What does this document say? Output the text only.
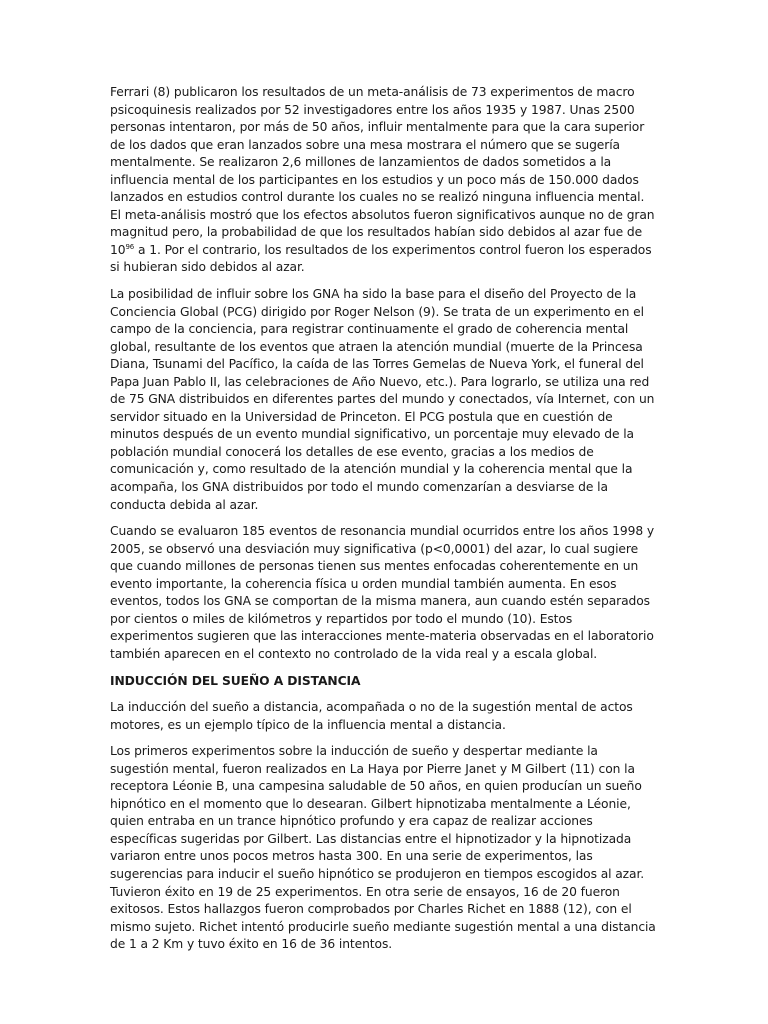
Ferrari (8) publicaron los resultados de un meta-análisis de 73 experimentos de macro psicoquinesis realizados por 52 investigadores entre los años 1935 y 1987. Unas 2500 personas intentaron, por más de 50 años, influir mentalmente para que la cara superior de los dados que eran lanzados sobre una mesa mostrara el número que se sugería mentalmente. Se realizaron 2,6 millones de lanzamientos de dados sometidos a la influencia mental de los participantes en los estudios y un poco más de 150.000 dados lanzados en estudios control durante los cuales no se realizó ninguna influencia mental. El meta-análisis mostró que los efectos absolutos fueron significativos aunque no de gran magnitud pero, la probabilidad de que los resultados habían sido debidos al azar fue de $10^{96}$ a 1. Por el contrario, los resultados de los experimentos control fueron los esperados si hubieran sido debidos al azar.

La posibilidad de influir sobre los GNA ha sido la base para el diseño del Proyecto de la Conciencia Global (PCG) dirigido por Roger Nelson (9). Se trata de un experimento en el campo de la conciencia, para registrar continuamente el grado de coherencia mental global, resultante de los eventos que atraen la atención mundial (muerte de la Princesa Diana, Tsunami del Pacífico, la caída de las Torres Gemelas de Nueva York, el funeral del Papa Juan Pablo II, las celebraciones de Año Nuevo, etc.). Para lograrlo, se utiliza una red de 75 GNA distribuidos en diferentes partes del mundo y conectados, vía Internet, con un servidor situado en la Universidad de Princeton. El PCG postula que en cuestión de minutos después de un evento mundial significativo, un porcentaje muy elevado de la población mundial conocerá los detalles de ese evento, gracias a los medios de comunicación y, como resultado de la atención mundial y la coherencia mental que la acompaña, los GNA distribuidos por todo el mundo comenzarían a desviarse de la conducta debida al azar.

Cuando se evaluaron 185 eventos de resonancia mundial ocurridos entre los años 1998 y 2005, se observó una desviación muy significativa (p<0,0001) del azar, lo cual sugiere que cuando millones de personas tienen sus mentes enfocadas coherentemente en un evento importante, la coherencia física u orden mundial también aumenta. En esos eventos, todos los GNA se comportan de la misma manera, aun cuando estén separados por cientos o miles de kilómetros y repartidos por todo el mundo (10). Estos experimentos sugieren que las interacciones mente-materia observadas en el laboratorio también aparecen en el contexto no controlado de la vida real y a escala global.

INDUCCIÓN DEL SUEÑO A DISTANCIA

La inducción del sueño a distancia, acompañada o no de la sugestión mental de actos motores, es un ejemplo típico de la influencia mental a distancia.

Los primeros experimentos sobre la inducción de sueño y despertar mediante la sugestión mental, fueron realizados en La Haya por Pierre Janet y M Gilbert (11) con la receptora Léonie B, una campesina saludable de 50 años, en quien producían un sueño hipnótico en el momento que lo desearan. Gilbert hipnotizaba mentalmente a Léonie, quien entraba en un trance hipnótico profundo y era capaz de realizar acciones específicas sugeridas por Gilbert. Las distancias entre el hipnotizador y la hipnotizada variaron entre unos pocos metros hasta 300. En una serie de experimentos, las sugerencias para inducir el sueño hipnótico se produjeron en tiempos escogidos al azar. Tuvieron éxito en 19 de 25 experimentos. En otra serie de ensayos, 16 de 20 fueron exitosos. Estos hallazgos fueron comprobados por Charles Richet en 1888 (12), con el mismo sujeto. Richet intentó producirle sueño mediante sugestión mental a una distancia de 1 a 2 Km y tuvo éxito en 16 de 36 intentos.
